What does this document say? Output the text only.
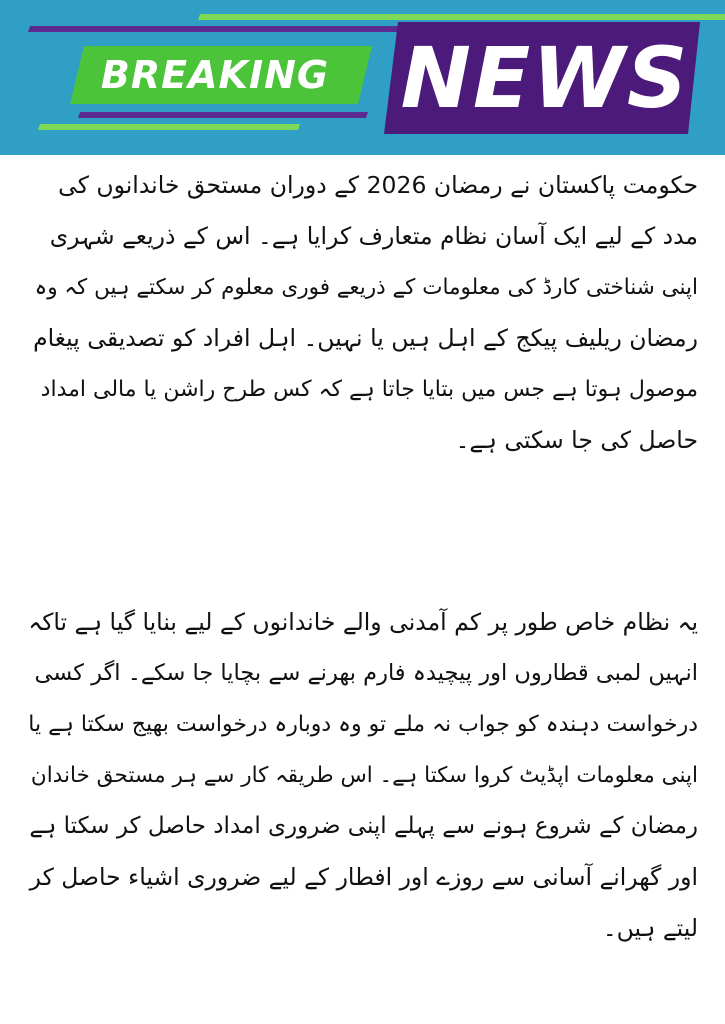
BREAKING NEWS
حکومت پاکستان نے رمضان 2026 کے دوران مستحق خاندانوں کی
مدد کے لیے ایک آسان نظام متعارف کرایا ہے۔ اس کے ذریعے شہری
اپنی شناختی کارڈ کی معلومات کے ذریعے فوری معلوم کر سکتے ہیں کہ وہ
رمضان ریلیف پیکج کے اہل ہیں یا نہیں۔ اہل افراد کو تصدیقی پیغام
موصول ہوتا ہے جس میں بتایا جاتا ہے کہ کس طرح راشن یا مالی امداد
حاصل کی جا سکتی ہے۔
یہ نظام خاص طور پر کم آمدنی والے خاندانوں کے لیے بنایا گیا ہے تاکہ
انہیں لمبی قطاروں اور پیچیدہ فارم بھرنے سے بچایا جا سکے۔ اگر کسی
درخواست دہندہ کو جواب نہ ملے تو وہ دوبارہ درخواست بھیج سکتا ہے یا
اپنی معلومات اپڈیٹ کروا سکتا ہے۔ اس طریقہ کار سے ہر مستحق خاندان
رمضان کے شروع ہونے سے پہلے اپنی ضروری امداد حاصل کر سکتا ہے
اور گھرانے آسانی سے روزے اور افطار کے لیے ضروری اشیاء حاصل کر
لیتے ہیں۔
